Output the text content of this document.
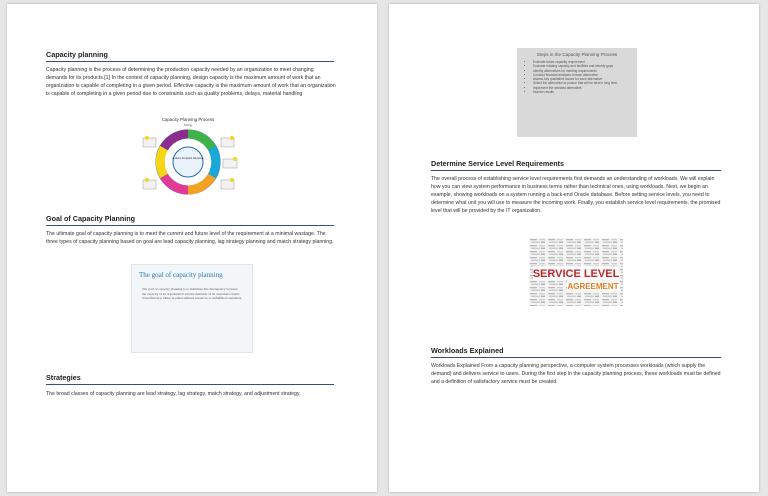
Capacity planning

Capacity planning is the process of determining the production capacity needed by an organization to meet changing demands for its products.[1] In the context of capacity planning, design capacity is the maximum amount of work that an organization is capable of completing in a given period. Effective capacity is the maximum amount of work that an organization is capable of completing in a given period due to constraints such as quality problems, delays, material handling

Capacity Planning Process
Sizing
Culture Analysis Adoption

Goal of Capacity Planning

The ultimate goal of capacity planning is to meet the current and future level of the requirement at a minimal wastage. The three types of capacity planning based on goal are lead capacity planning, lag strategy planning and match strategy planning.

The goal of capacity planning
The goal of capacity planning is to minimize this discrepancy between the capacity of an organization and the demands of its customers results in inefficiency, either in under-utilized resources or unfulfilled customers.

Strategies

The broad classes of capacity planning are lead strategy, lag strategy, match strategy, and adjustment strategy.

Steps in the Capacity Planning Process
• Estimate future capacity requirement
• Evaluate existing capacity and facilities and identify gaps
• Identify alternatives for meeting requirements
• Conduct financial analyses of each alternative
• Assess key qualitative issues for each alternative
• Select the alternative to pursue that will be best in long term
• Implement the selected alternative
• Monitor results

Determine Service Level Requirements

The overall process of establishing service level requirements first demands an understanding of workloads. We will explain how you can view system performance in business terms rather than technical ones, using workloads. Next, we begin an example, showing workloads on a system running a back-end Oracle database. Before setting service levels, you need to determine what unit you will use to measure the incoming work. Finally, you establish service level requirements, the promised level that will be provided by the IT organization.

SERVICE LEVEL
AGREEMENT

Workloads Explained

Workloads Explained From a capacity planning perspective, a computer system processes workloads (which supply the demand) and delivers service to users. During the first step in the capacity planning process, these workloads must be defined and a definition of satisfactory service must be created.
